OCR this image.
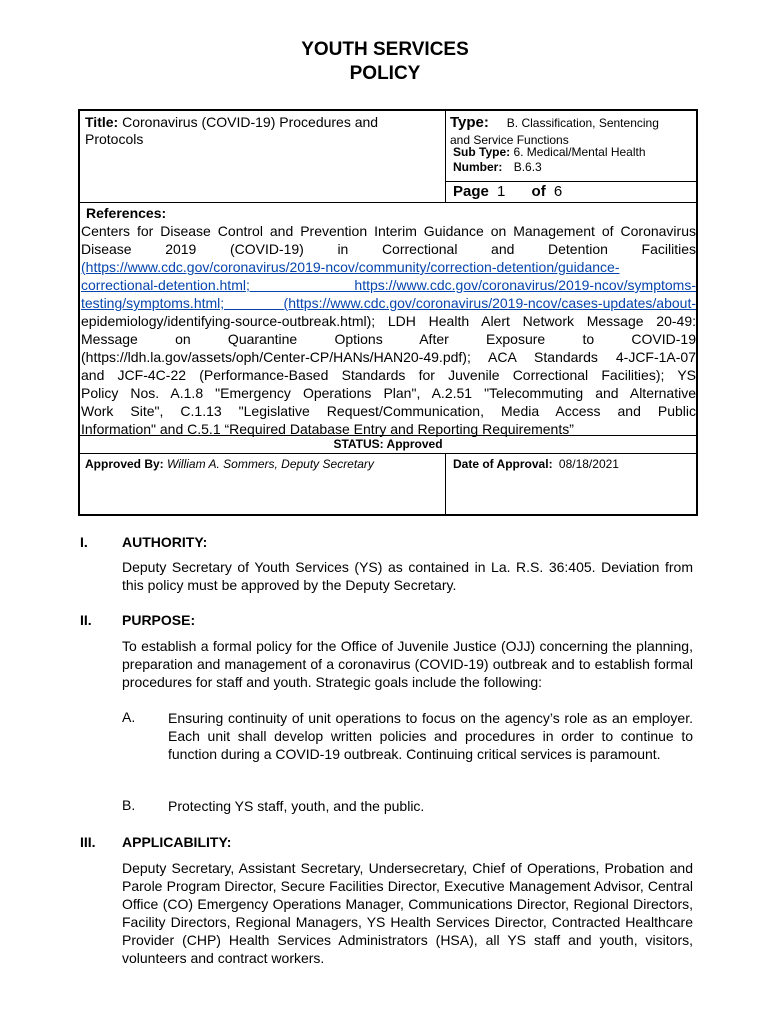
YOUTH SERVICES
POLICY
Title: Coronavirus (COVID-19) Procedures and
Protocols
Type: B. Classification, Sentencing
and Service Functions
Sub Type: 6. Medical/Mental Health
Number: B.6.3
Page 1 of 6
References:
Centers for Disease Control and Prevention Interim Guidance on Management of Coronavirus
Disease 2019 (COVID-19) in Correctional and Detention Facilities
(https://www.cdc.gov/coronavirus/2019-ncov/community/correction-detention/guidance-
correctional-detention.html; https://www.cdc.gov/coronavirus/2019-ncov/symptoms-
testing/symptoms.html; (https://www.cdc.gov/coronavirus/2019-ncov/cases-updates/about-
epidemiology/identifying-source-outbreak.html); LDH Health Alert Network Message 20-49:
Message on Quarantine Options After Exposure to COVID-19
(https://ldh.la.gov/assets/oph/Center-CP/HANs/HAN20-49.pdf); ACA Standards 4-JCF-1A-07
and JCF-4C-22 (Performance-Based Standards for Juvenile Correctional Facilities); YS
Policy Nos. A.1.8 "Emergency Operations Plan", A.2.51 "Telecommuting and Alternative
Work Site", C.1.13 "Legislative Request/Communication, Media Access and Public
Information" and C.5.1 “Required Database Entry and Reporting Requirements”
STATUS: Approved
Approved By: William A. Sommers, Deputy Secretary	Date of Approval: 08/18/2021
I. AUTHORITY:
Deputy Secretary of Youth Services (YS) as contained in La. R.S. 36:405. Deviation from this policy must be approved by the Deputy Secretary.
II. PURPOSE:
To establish a formal policy for the Office of Juvenile Justice (OJJ) concerning the planning, preparation and management of a coronavirus (COVID-19) outbreak and to establish formal procedures for staff and youth. Strategic goals include the following:
A. Ensuring continuity of unit operations to focus on the agency’s role as an employer. Each unit shall develop written policies and procedures in order to continue to function during a COVID-19 outbreak. Continuing critical services is paramount.
B. Protecting YS staff, youth, and the public.
III. APPLICABILITY:
Deputy Secretary, Assistant Secretary, Undersecretary, Chief of Operations, Probation and Parole Program Director, Secure Facilities Director, Executive Management Advisor, Central Office (CO) Emergency Operations Manager, Communications Director, Regional Directors, Facility Directors, Regional Managers, YS Health Services Director, Contracted Healthcare Provider (CHP) Health Services Administrators (HSA), all YS staff and youth, visitors, volunteers and contract workers.
